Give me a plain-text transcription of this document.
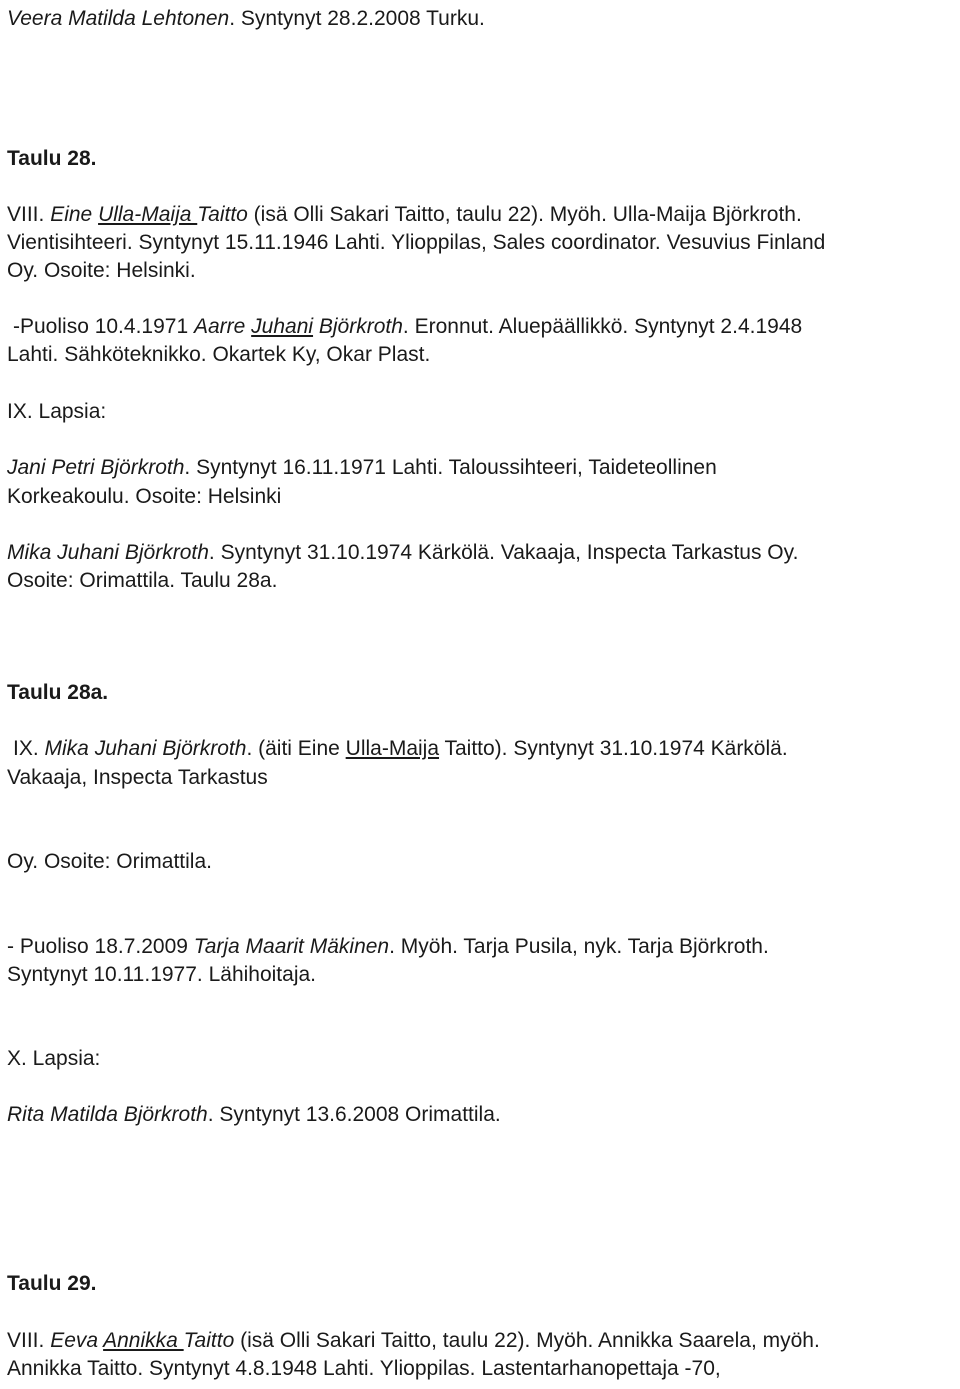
Veera Matilda Lehtonen. Syntynyt 28.2.2008 Turku.
Taulu 28.
VIII. Eine Ulla-Maija Taitto (isä Olli Sakari Taitto, taulu 22). Myöh. Ulla-Maija Björkroth.
Vientisihteeri. Syntynyt 15.11.1946 Lahti. Ylioppilas, Sales coordinator. Vesuvius Finland
Oy. Osoite: Helsinki.
-Puoliso 10.4.1971 Aarre Juhani Björkroth. Eronnut. Aluepäällikkö. Syntynyt 2.4.1948
Lahti. Sähköteknikko. Okartek Ky, Okar Plast.
IX. Lapsia:
Jani Petri Björkroth. Syntynyt 16.11.1971 Lahti. Taloussihteeri, Taideteollinen
Korkeakoulu. Osoite: Helsinki
Mika Juhani Björkroth. Syntynyt 31.10.1974 Kärkölä. Vakaaja, Inspecta Tarkastus Oy.
Osoite: Orimattila. Taulu 28a.
Taulu 28a.
IX. Mika Juhani Björkroth. (äiti Eine Ulla-Maija Taitto). Syntynyt 31.10.1974 Kärkölä.
Vakaaja, Inspecta Tarkastus
Oy. Osoite: Orimattila.
- Puoliso 18.7.2009 Tarja Maarit Mäkinen. Myöh. Tarja Pusila, nyk. Tarja Björkroth.
Syntynyt 10.11.1977. Lähihoitaja.
X. Lapsia:
Rita Matilda Björkroth. Syntynyt 13.6.2008 Orimattila.
Taulu 29.
VIII. Eeva Annikka Taitto (isä Olli Sakari Taitto, taulu 22). Myöh. Annikka Saarela, myöh.
Annikka Taitto. Syntynyt 4.8.1948 Lahti. Ylioppilas. Lastentarhanopettaja -70,
